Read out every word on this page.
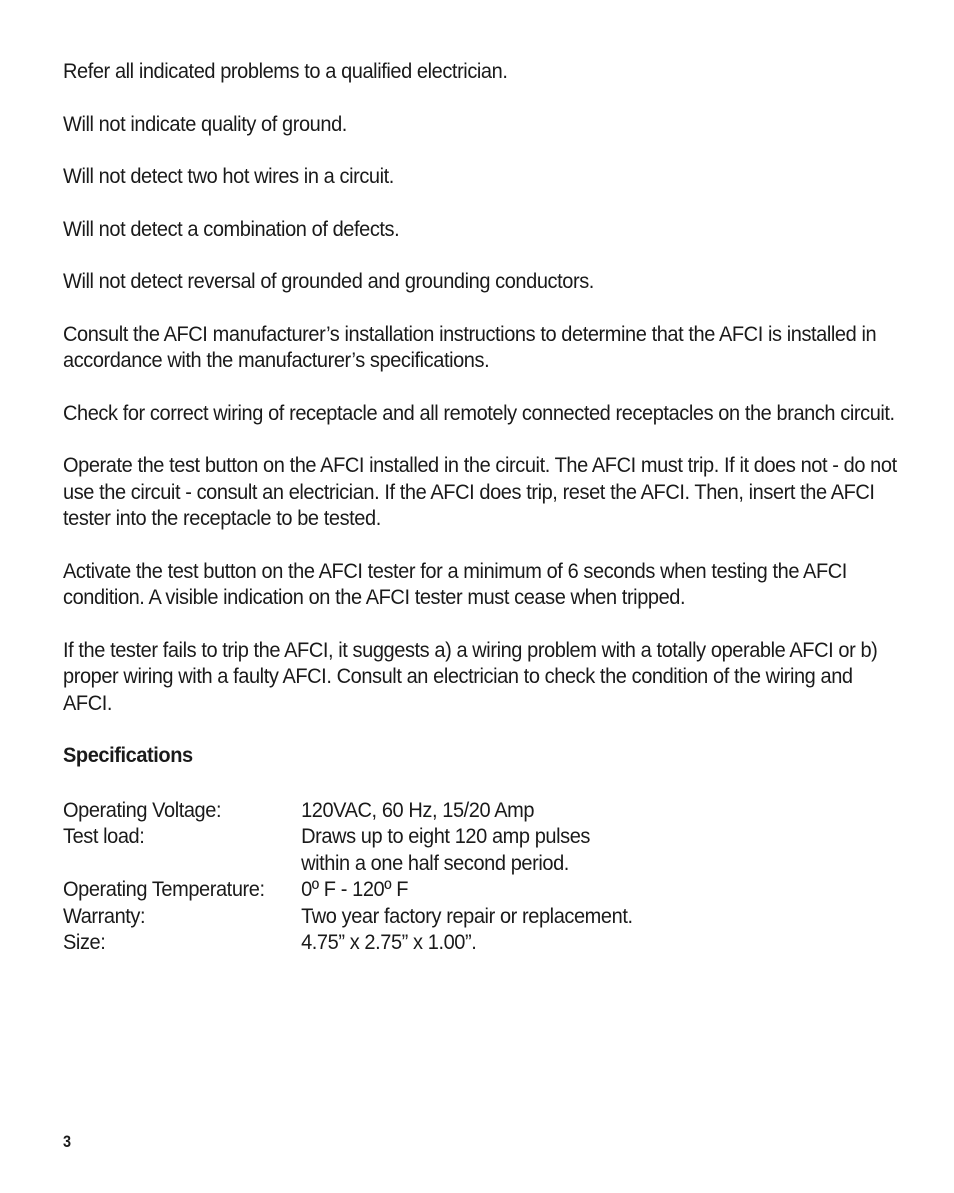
Refer all indicated problems to a qualified electrician.

Will not indicate quality of ground.

Will not detect two hot wires in a circuit.

Will not detect a combination of defects.

Will not detect reversal of grounded and grounding conductors.

Consult the AFCI manufacturer’s installation instructions to determine that the AFCI is installed in accordance with the manufacturer’s specifications.

Check for correct wiring of receptacle and all remotely connected receptacles on the branch circuit.

Operate the test button on the AFCI installed in the circuit. The AFCI must trip. If it does not - do not use the circuit - consult an electrician. If the AFCI does trip, reset the AFCI. Then, insert the AFCI tester into the receptacle to be tested.

Activate the test button on the AFCI tester for a minimum of 6 seconds when testing the AFCI condition. A visible indication on the AFCI tester must cease when tripped.

If the tester fails to trip the AFCI, it suggests a) a wiring problem with a totally operable AFCI or b) proper wiring with a faulty AFCI. Consult an electrician to check the condition of the wiring and AFCI.

Specifications
Operating Voltage:	120VAC, 60 Hz, 15/20 Amp
Test load:	Draws up to eight 120 amp pulses
within a one half second period.
Operating Temperature:	0º F - 120º F
Warranty:	Two year factory repair or replacement.
Size:	4.75” x 2.75” x 1.00”.
3
